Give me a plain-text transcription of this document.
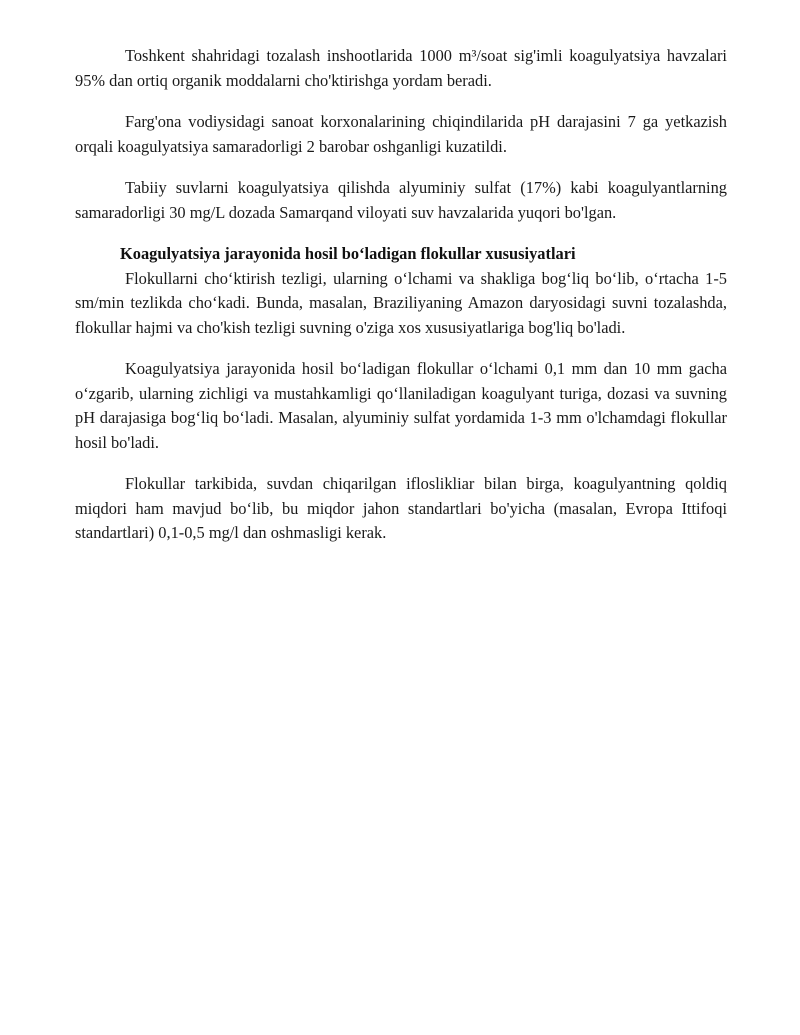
Toshkent shahridagi tozalash inshootlarida 1000 m³/soat sig'imli koagulyatsiya havzalari 95% dan ortiq organik moddalarni cho'ktirishga yordam beradi.

Farg'ona vodiysidagi sanoat korxonalarining chiqindilarida pH darajasini 7 ga yetkazish orqali koagulyatsiya samaradorligi 2 barobar oshganligi kuzatildi.

Tabiiy suvlarni koagulyatsiya qilishda alyuminiy sulfat (17%) kabi koagulyantlarning samaradorligi 30 mg/L dozada Samarqand viloyati suv havzalarida yuqori bo'lgan.

Koagulyatsiya jarayonida hosil bo‘ladigan flokullar xususiyatlari

Flokullarni cho‘ktirish tezligi, ularning o‘lchami va shakliga bog‘liq bo‘lib, o‘rtacha 1-5 sm/min tezlikda cho‘kadi. Bunda, masalan, Braziliyaning Amazon daryosidagi suvni tozalashda, flokullar hajmi va cho'kish tezligi suvning o'ziga xos xususiyatlariga bog'liq bo'ladi.

Koagulyatsiya jarayonida hosil bo‘ladigan flokullar o‘lchami 0,1 mm dan 10 mm gacha o‘zgarib, ularning zichligi va mustahkamligi qo‘llaniladigan koagulyant turiga, dozasi va suvning pH darajasiga bog‘liq bo‘ladi. Masalan, alyuminiy sulfat yordamida 1-3 mm o'lchamdagi flokullar hosil bo'ladi.

Flokullar tarkibida, suvdan chiqarilgan ifloslikliar bilan birga, koagulyantning qoldiq miqdori ham mavjud bo‘lib, bu miqdor jahon standartlari bo'yicha (masalan, Evropa Ittifoqi standartlari) 0,1-0,5 mg/l dan oshmasligi kerak.
